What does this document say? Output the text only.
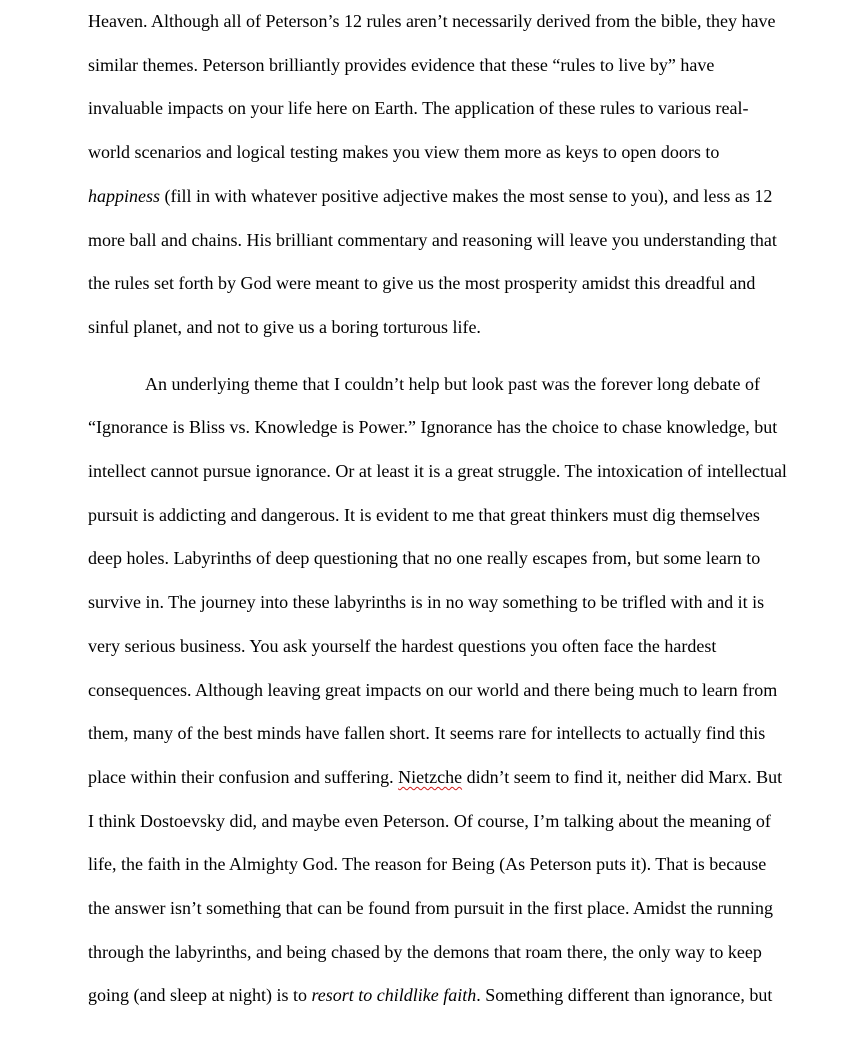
Heaven. Although all of Peterson’s 12 rules aren’t necessarily derived from the bible, they have
similar themes. Peterson brilliantly provides evidence that these “rules to live by” have
invaluable impacts on your life here on Earth. The application of these rules to various real-
world scenarios and logical testing makes you view them more as keys to open doors to
happiness (fill in with whatever positive adjective makes the most sense to you), and less as 12
more ball and chains. His brilliant commentary and reasoning will leave you understanding that
the rules set forth by God were meant to give us the most prosperity amidst this dreadful and
sinful planet, and not to give us a boring torturous life.
An underlying theme that I couldn’t help but look past was the forever long debate of
“Ignorance is Bliss vs. Knowledge is Power.” Ignorance has the choice to chase knowledge, but
intellect cannot pursue ignorance. Or at least it is a great struggle. The intoxication of intellectual
pursuit is addicting and dangerous. It is evident to me that great thinkers must dig themselves
deep holes. Labyrinths of deep questioning that no one really escapes from, but some learn to
survive in. The journey into these labyrinths is in no way something to be trifled with and it is
very serious business. You ask yourself the hardest questions you often face the hardest
consequences. Although leaving great impacts on our world and there being much to learn from
them, many of the best minds have fallen short. It seems rare for intellects to actually find this
place within their confusion and suffering. Nietzche didn’t seem to find it, neither did Marx. But
I think Dostoevsky did, and maybe even Peterson. Of course, I’m talking about the meaning of
life, the faith in the Almighty God. The reason for Being (As Peterson puts it). That is because
the answer isn’t something that can be found from pursuit in the first place. Amidst the running
through the labyrinths, and being chased by the demons that roam there, the only way to keep
going (and sleep at night) is to resort to childlike faith. Something different than ignorance, but
